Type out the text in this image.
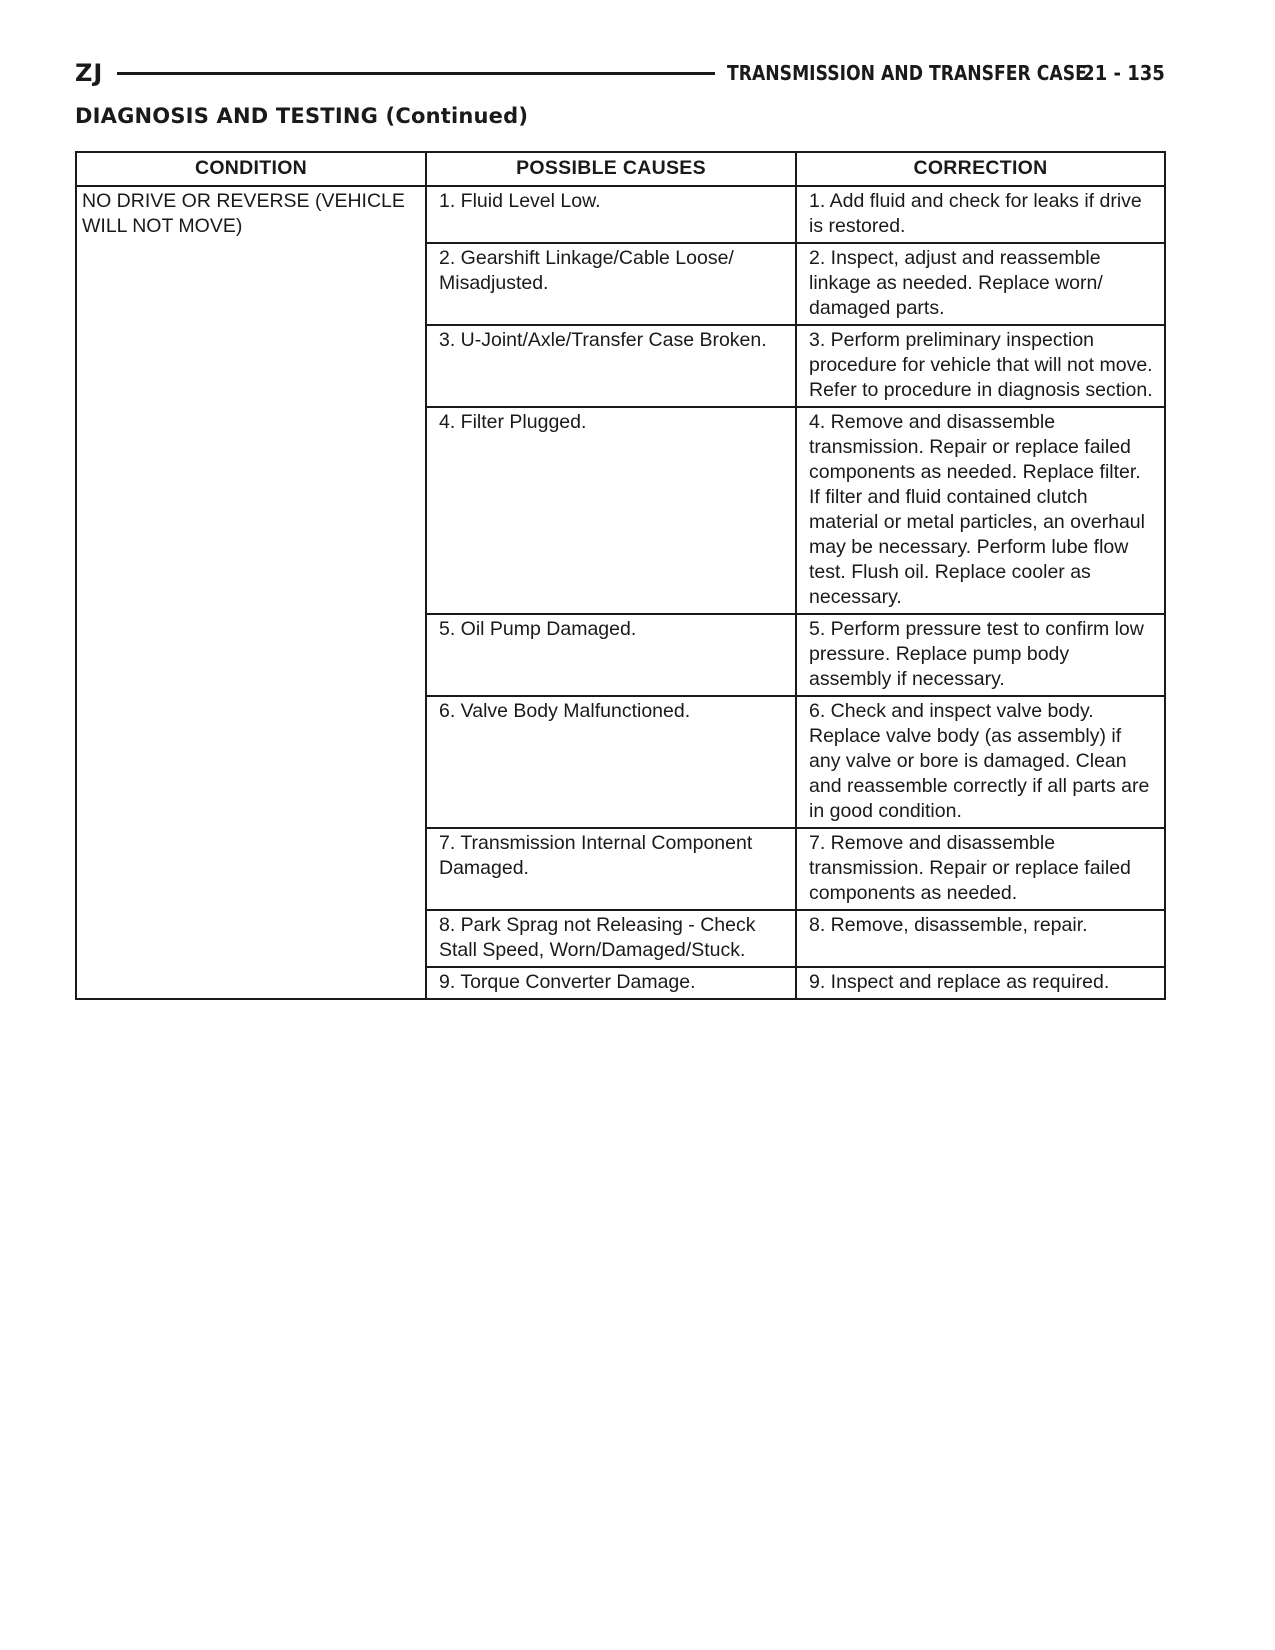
ZJ	TRANSMISSION AND TRANSFER CASE
21 - 135
DIAGNOSIS AND TESTING (Continued)
CONDITION	POSSIBLE CAUSES	CORRECTION
NO DRIVE OR REVERSE (VEHICLE WILL NOT MOVE)	1. Fluid Level Low.	1. Add fluid and check for leaks if drive is restored.
	2. Gearshift Linkage/Cable Loose/ Misadjusted.	2. Inspect, adjust and reassemble linkage as needed. Replace worn/ damaged parts.
	3. U-Joint/Axle/Transfer Case Broken.	3. Perform preliminary inspection procedure for vehicle that will not move. Refer to procedure in diagnosis section.
	4. Filter Plugged.	4. Remove and disassemble transmission. Repair or replace failed components as needed. Replace filter. If filter and fluid contained clutch material or metal particles, an overhaul may be necessary. Perform lube flow test. Flush oil. Replace cooler as necessary.
	5. Oil Pump Damaged.	5. Perform pressure test to confirm low pressure. Replace pump body assembly if necessary.
	6. Valve Body Malfunctioned.	6. Check and inspect valve body. Replace valve body (as assembly) if any valve or bore is damaged. Clean and reassemble correctly if all parts are in good condition.
	7. Transmission Internal Component Damaged.	7. Remove and disassemble transmission. Repair or replace failed components as needed.
	8. Park Sprag not Releasing - Check Stall Speed, Worn/Damaged/Stuck.	8. Remove, disassemble, repair.
	9. Torque Converter Damage.	9. Inspect and replace as required.
